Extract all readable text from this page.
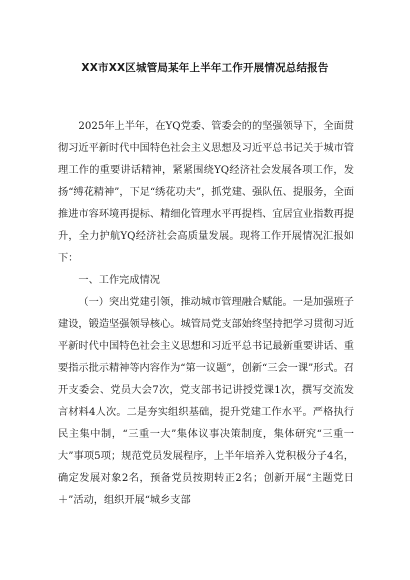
XX市XX区城管局某年上半年工作开展情况总结报告

2025年上半年，在YQ党委、管委会的的坚强领导下，全面贯彻习近平新时代中国特色社会主义思想及习近平总书记关于城市管理工作的重要讲话精神，紧紧围绕YQ经济社会发展各项工作，发扬“缚花精神”，下足“绣花功夫”，抓党建、强队伍、提服务，全面推进市容环境再提标、精细化管理水平再提档、宜居宜业指数再提升，全力护航YQ经济社会高质量发展。现将工作开展情况汇报如下：

一、工作完成情况

（一）突出党建引领，推动城市管理融合赋能。一是加强班子建设，锻造坚强领导核心。城管局党支部始终坚持把学习贯彻习近平新时代中国特色社会主义思想和习近平总书记最新重要讲话、重要指示批示精神等内容作为“第一议题”，创新“三会一课”形式。召开支委会、党员大会7次，党支部书记讲授党课1次，撰写交流发言材料4人次。二是夯实组织基础，提升党建工作水平。严格执行民主集中制，“三重一大”集体议事决策制度，集体研究“三重一大”事项5项；规范党员发展程序，上半年培养入党积极分子4名，确定发展对象2名，预备党员按期转正2名；创新开展“主题党日＋”活动，组织开展“城乡支部
